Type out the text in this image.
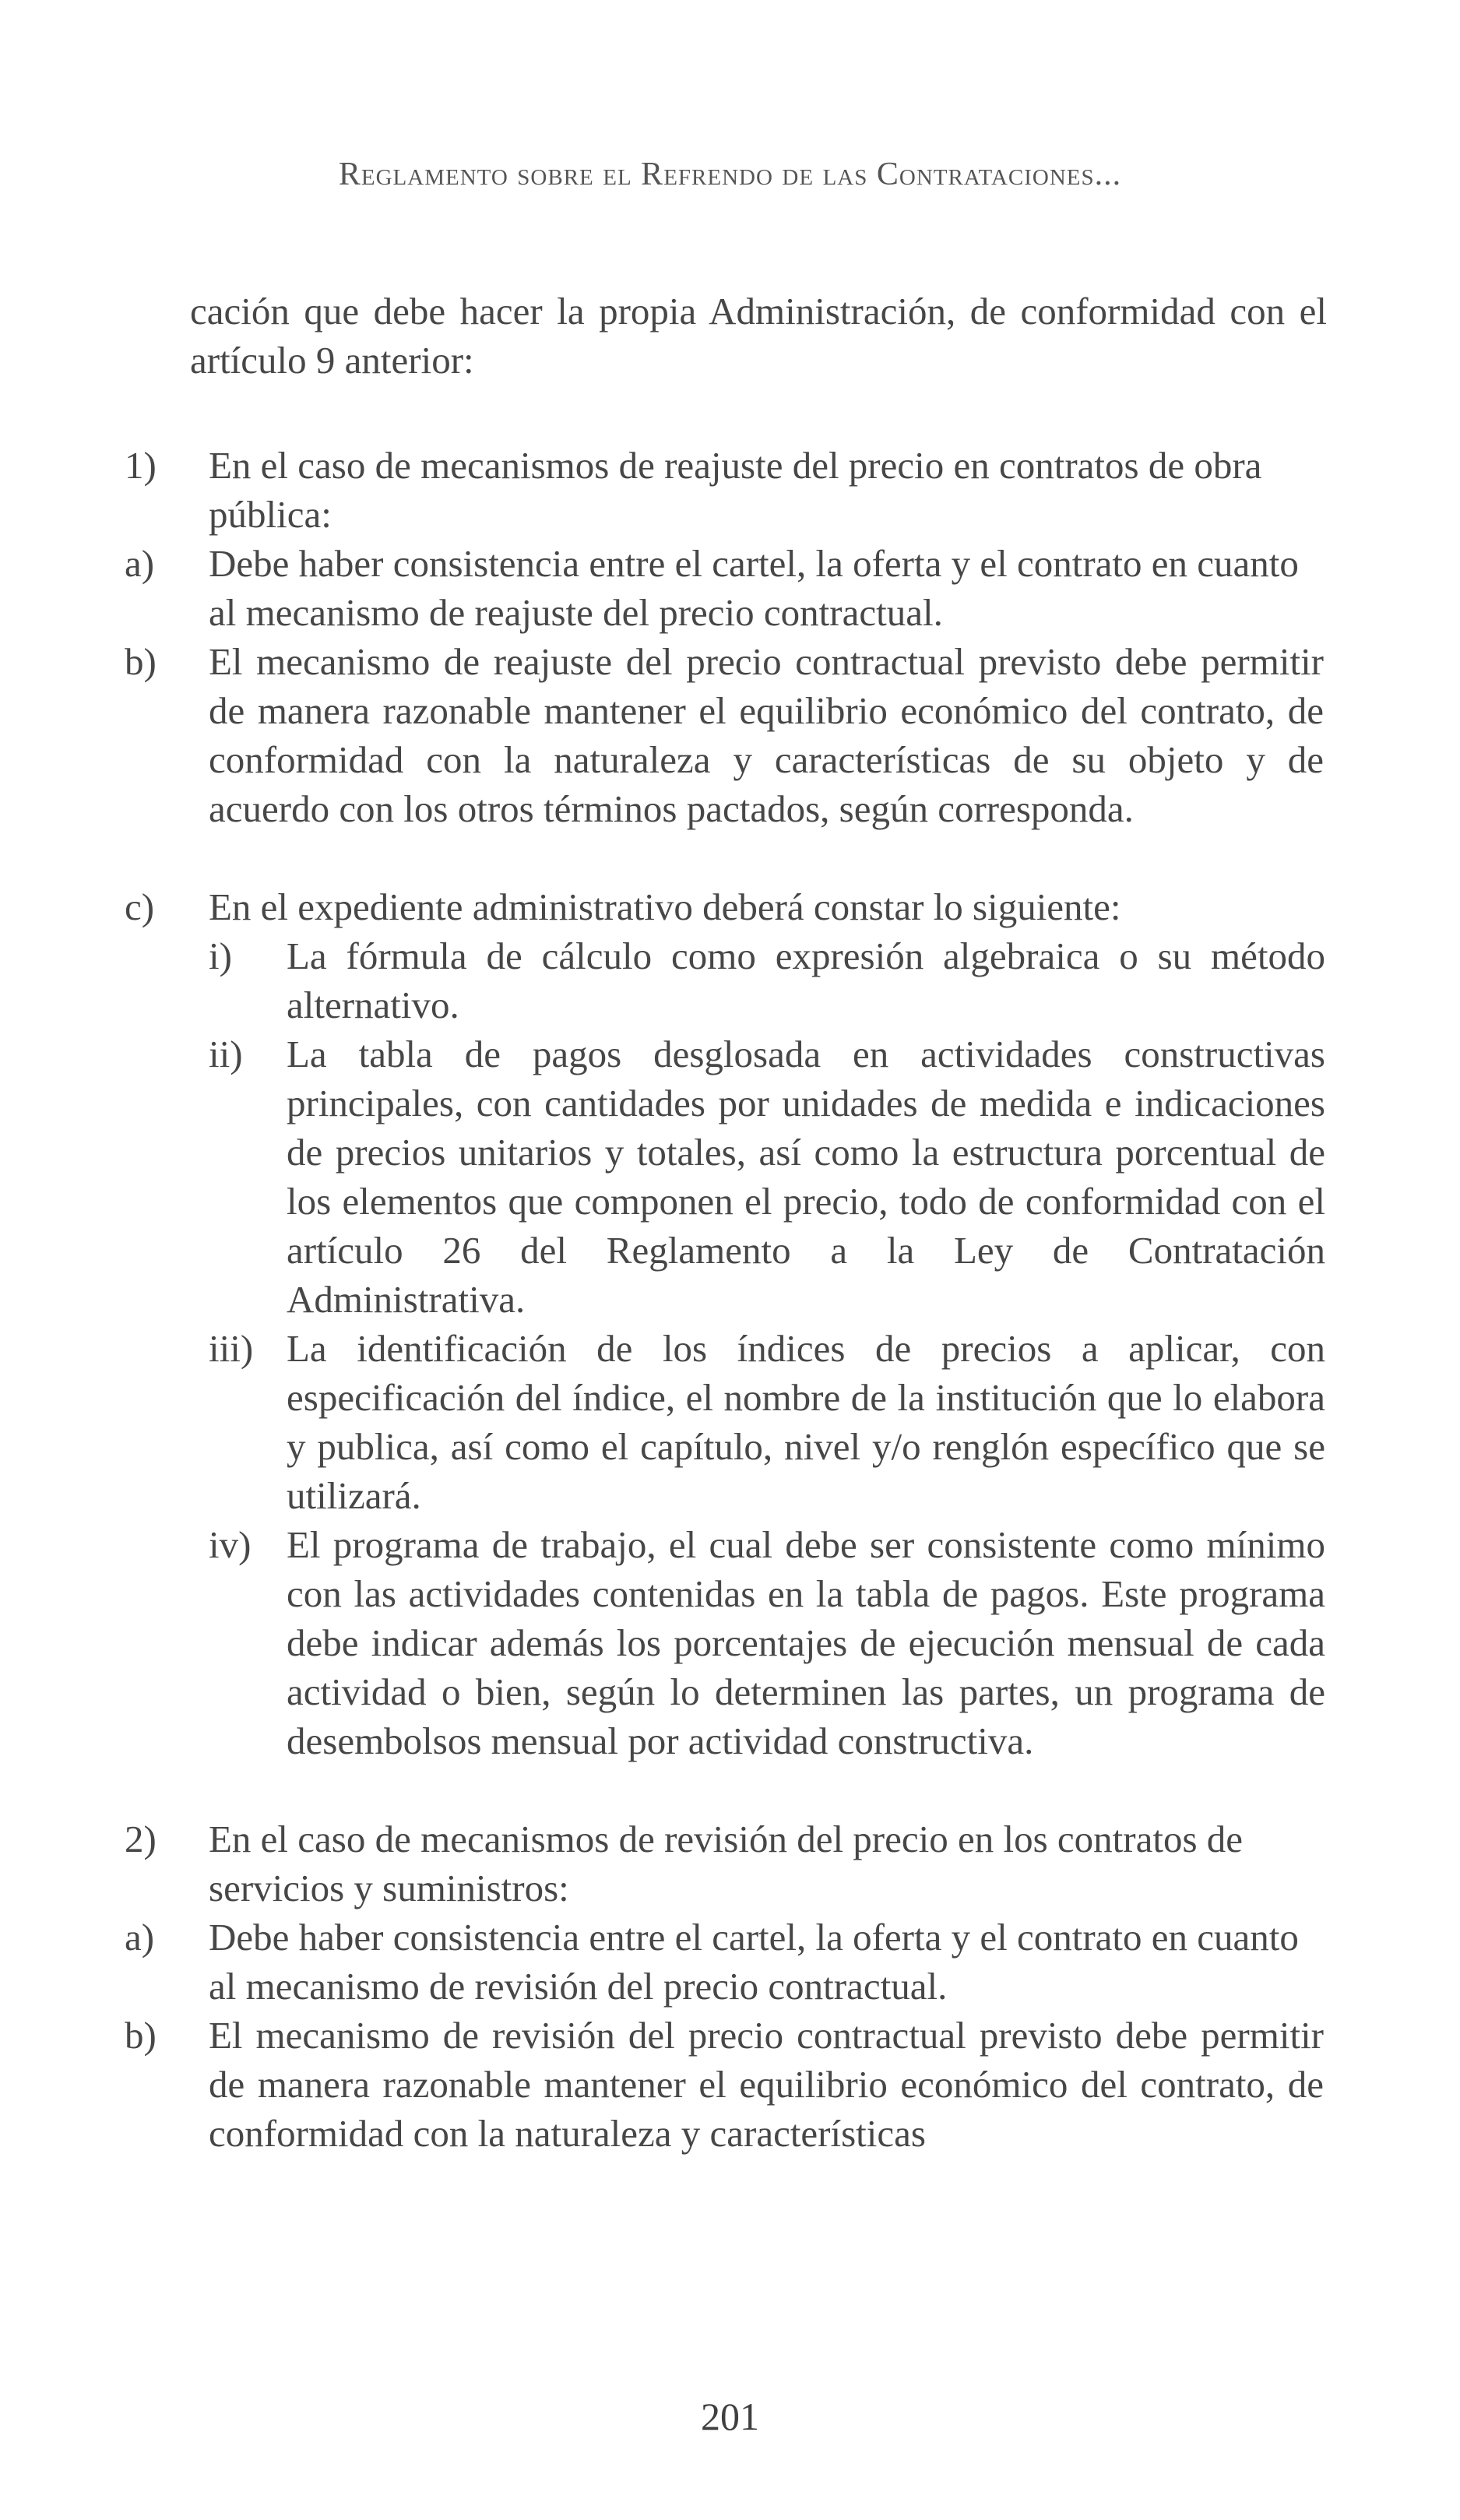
Reglamento sobre el Refrendo de las Contrataciones...
cación que debe hacer la propia Administración, de conformidad con el artículo 9 anterior:
1) En el caso de mecanismos de reajuste del precio en contratos de obra pública:
a) Debe haber consistencia entre el cartel, la oferta y el contrato en cuanto al mecanismo de reajuste del precio contractual.
b) El mecanismo de reajuste del precio contractual previsto debe permitir de manera razonable mantener el equilibrio económico del contrato, de conformidad con la naturaleza y características de su objeto y de acuerdo con los otros términos pactados, según corresponda.
c) En el expediente administrativo deberá constar lo siguiente:
i) La fórmula de cálculo como expresión algebraica o su método alternativo.
ii) La tabla de pagos desglosada en actividades constructivas principales, con cantidades por unidades de medida e indicaciones de precios unitarios y totales, así como la estructura porcentual de los elementos que componen el precio, todo de conformidad con el artículo 26 del Reglamento a la Ley de Contratación Administrativa.
iii) La identificación de los índices de precios a aplicar, con especificación del índice, el nombre de la institución que lo elabora y publica, así como el capítulo, nivel y/o renglón específico que se utilizará.
iv) El programa de trabajo, el cual debe ser consistente como mínimo con las actividades contenidas en la tabla de pagos. Este programa debe indicar además los porcentajes de ejecución mensual de cada actividad o bien, según lo determinen las partes, un programa de desembolsos mensual por actividad constructiva.
2) En el caso de mecanismos de revisión del precio en los contratos de servicios y suministros:
a) Debe haber consistencia entre el cartel, la oferta y el contrato en cuanto al mecanismo de revisión del precio contractual.
b) El mecanismo de revisión del precio contractual previsto debe permitir de manera razonable mantener el equilibrio económico del contrato, de conformidad con la naturaleza y características
201
